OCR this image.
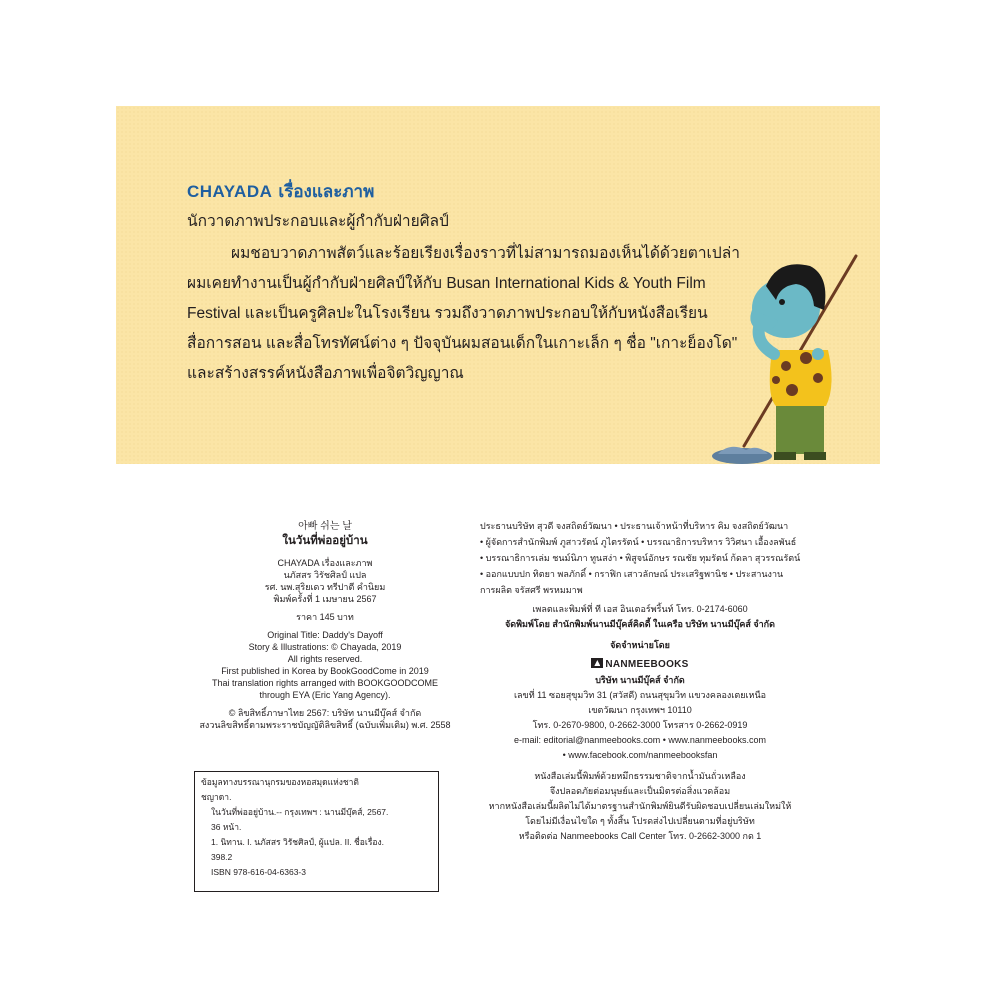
CHAYADA เรื่องและภาพ
นักวาดภาพประกอบและผู้กำกับฝ่ายศิลป์
ผมชอบวาดภาพสัตว์และร้อยเรียงเรื่องราวที่ไม่สามารถมองเห็นได้ด้วยตาเปล่า
ผมเคยทำงานเป็นผู้กำกับฝ่ายศิลป์ให้กับ Busan International Kids & Youth Film
Festival และเป็นครูศิลปะในโรงเรียน รวมถึงวาดภาพประกอบให้กับหนังสือเรียน
สื่อการสอน และสื่อโทรทัศน์ต่าง ๆ ปัจจุบันผมสอนเด็กในเกาะเล็ก ๆ ชื่อ "เกาะย็องโด"
และสร้างสรรค์หนังสือภาพเพื่อจิตวิญญาณ
아빠 쉬는 날
ในวันที่พ่ออยู่บ้าน
CHAYADA เรื่องและภาพ
นภัสสร วิรัชศิลป์ แปล
รศ. นพ.สุริยเดว ทรีปาตี คำนิยม
พิมพ์ครั้งที่ 1 เมษายน 2567
ราคา 145 บาท
Original Title: Daddy's Dayoff
Story & Illustrations: © Chayada, 2019
All rights reserved.
First published in Korea by BookGoodCome in 2019
Thai translation rights arranged with BOOKGOODCOME
through EYA (Eric Yang Agency).
© ลิขสิทธิ์ภาษาไทย 2567: บริษัท นานมีบุ๊คส์ จำกัด
สงวนลิขสิทธิ์ตามพระราชบัญญัติลิขสิทธิ์ (ฉบับเพิ่มเติม) พ.ศ. 2558
ข้อมูลทางบรรณานุกรมของหอสมุดแห่งชาติ
ชญาดา.
ในวันที่พ่ออยู่บ้าน.-- กรุงเทพฯ : นานมีบุ๊คส์, 2567.
36 หน้า.
1. นิทาน. I. นภัสสร วิรัชศิลป์, ผู้แปล. II. ชื่อเรื่อง.
398.2
ISBN 978-616-04-6363-3
ประธานบริษัท สุวดี จงสถิตย์วัฒนา • ประธานเจ้าหน้าที่บริหาร คิม จงสถิตย์วัฒนา
• ผู้จัดการสำนักพิมพ์ ภูสาวรัตน์ ภูไตรรัตน์ • บรรณาธิการบริหาร วิวิศนา เอื้องลพันธ์
• บรรณาธิการเล่ม ชนม์นิภา ทูนสง่า • พิสูจน์อักษร รณชัย ทุมรัตน์ ก้ดลา สุวรรณรัตน์
• ออกแบบปก ทิตยา พลภักดิ์ • กราฟิก เสาวลักษณ์ ประเสริฐพานิช • ประสานงาน
การผลิต จรัสศรี พรหมมาพ
เพลตและพิมพ์ที่ ที เอส อินเตอร์พริ้นท์ โทร. 0-2174-6060
จัดพิมพ์โดย สำนักพิมพ์นานมีบุ๊คส์คิดดี้ ในเครือ บริษัท นานมีบุ๊คส์ จำกัด
จัดจำหน่ายโดย
NANMEEBOOKS
บริษัท นานมีบุ๊คส์ จำกัด
เลขที่ 11 ซอยสุขุมวิท 31 (สวัสดี) ถนนสุขุมวิท แขวงคลองเตยเหนือ
เขตวัฒนา กรุงเทพฯ 10110
โทร. 0-2670-9800, 0-2662-3000 โทรสาร 0-2662-0919
e-mail: editorial@nanmeebooks.com • www.nanmeebooks.com
• www.facebook.com/nanmeebooksfan
หนังสือเล่มนี้พิมพ์ด้วยหมึกธรรมชาติจากน้ำมันถั่วเหลือง
จึงปลอดภัยต่อมนุษย์และเป็นมิตรต่อสิ่งแวดล้อม
หากหนังสือเล่มนี้ผลิตไม่ได้มาตรฐานสำนักพิมพ์ยินดีรับผิดชอบเปลี่ยนเล่มใหม่ให้
โดยไม่มีเงื่อนไขใด ๆ ทั้งสิ้น โปรดส่งไปเปลี่ยนตามที่อยู่บริษัท
หรือติดต่อ Nanmeebooks Call Center โทร. 0-2662-3000 กด 1
